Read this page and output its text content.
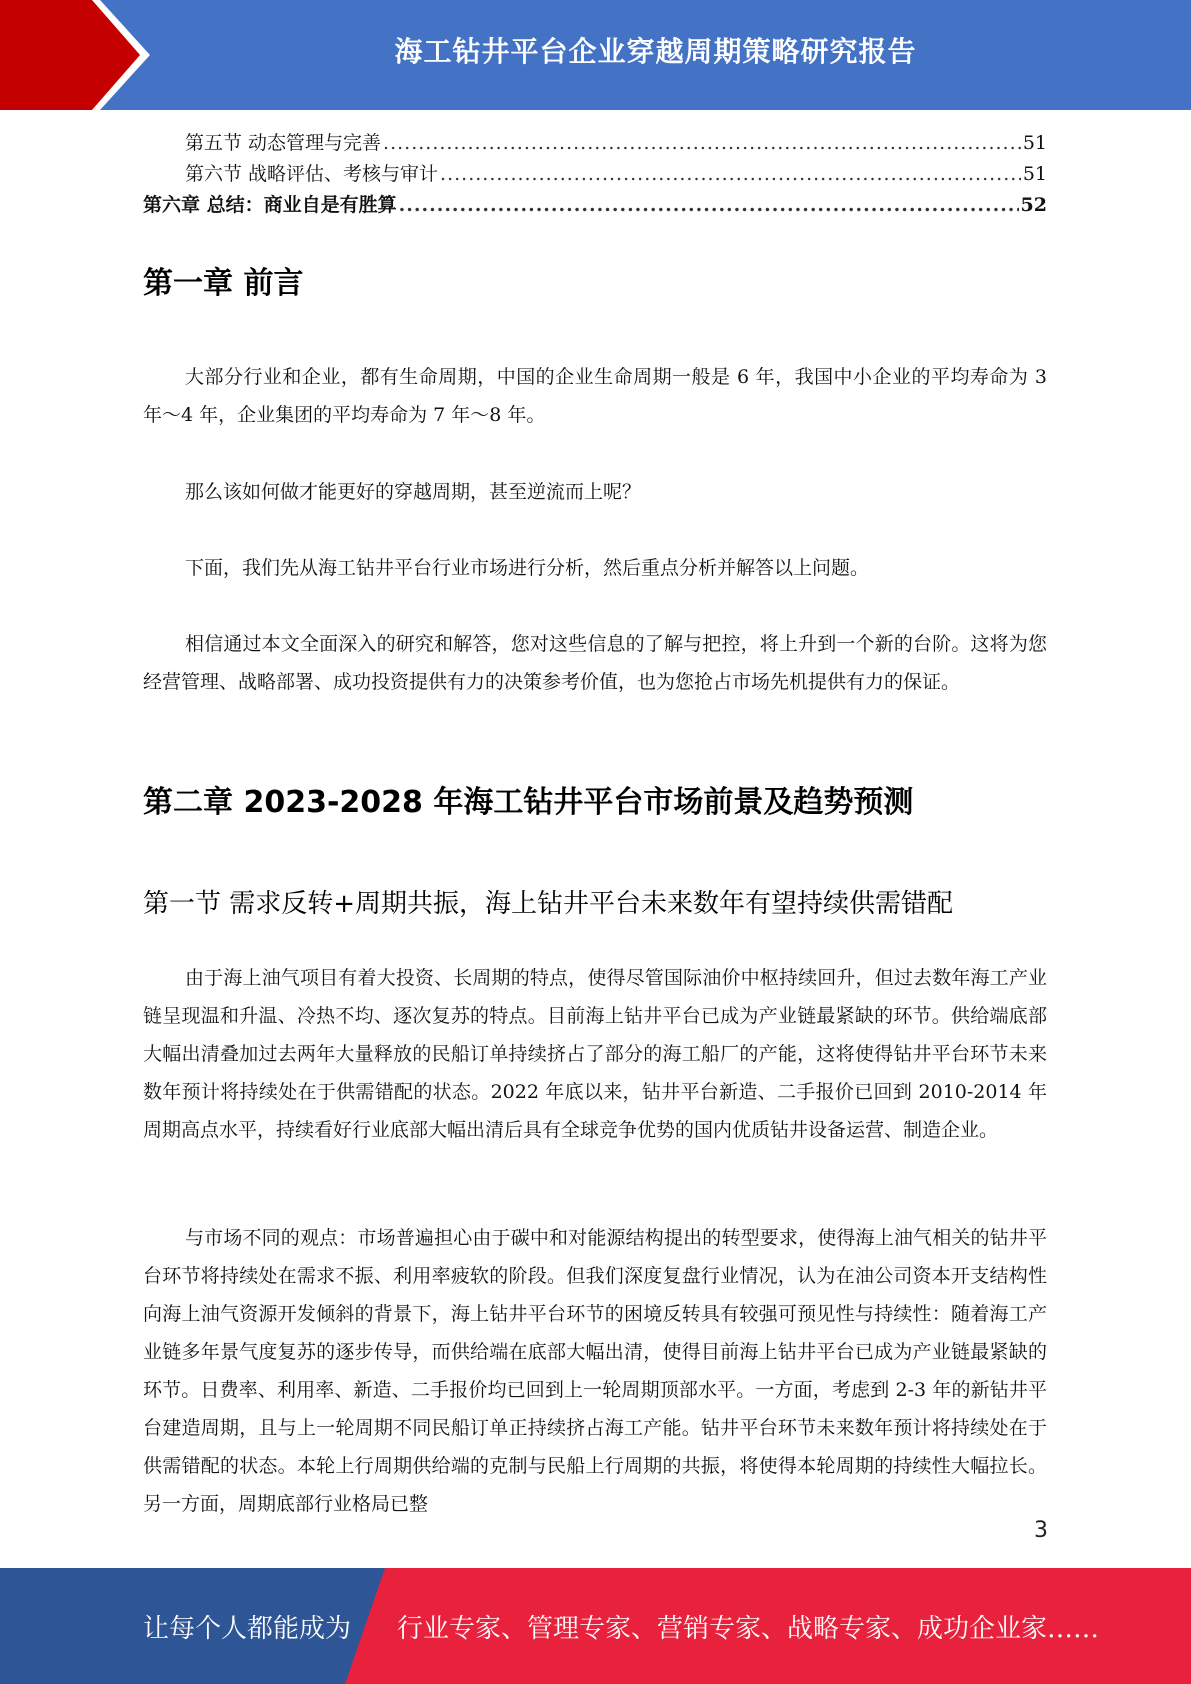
海工钻井平台企业穿越周期策略研究报告
第五节 动态管理与完善 .....	51
第六节 战略评估、考核与审计 .....	51
第六章 总结：商业自是有胜算 .....	52
第一章 前言

大部分行业和企业，都有生命周期，中国的企业生命周期一般是 6 年，我国中小企业的平均寿命为 3 年～4 年，企业集团的平均寿命为 7 年～8 年。

那么该如何做才能更好的穿越周期，甚至逆流而上呢？

下面，我们先从海工钻井平台行业市场进行分析，然后重点分析并解答以上问题。

相信通过本文全面深入的研究和解答，您对这些信息的了解与把控，将上升到一个新的台阶。这将为您经营管理、战略部署、成功投资提供有力的决策参考价值，也为您抢占市场先机提供有力的保证。

第二章 2023-2028 年海工钻井平台市场前景及趋势预测
第一节 需求反转+周期共振，海上钻井平台未来数年有望持续供需错配

由于海上油气项目有着大投资、长周期的特点，使得尽管国际油价中枢持续回升，但过去数年海工产业链呈现温和升温、冷热不均、逐次复苏的特点。目前海上钻井平台已成为产业链最紧缺的环节。供给端底部大幅出清叠加过去两年大量释放的民船订单持续挤占了部分的海工船厂的产能，这将使得钻井平台环节未来数年预计将持续处在于供需错配的状态。2022 年底以来，钻井平台新造、二手报价已回到 2010-2014 年周期高点水平，持续看好行业底部大幅出清后具有全球竞争优势的国内优质钻井设备运营、制造企业。

与市场不同的观点：市场普遍担心由于碳中和对能源结构提出的转型要求，使得海上油气相关的钻井平台环节将持续处在需求不振、利用率疲软的阶段。但我们深度复盘行业情况，认为在油公司资本开支结构性向海上油气资源开发倾斜的背景下，海上钻井平台环节的困境反转具有较强可预见性与持续性：随着海工产业链多年景气度复苏的逐步传导，而供给端在底部大幅出清，使得目前海上钻井平台已成为产业链最紧缺的环节。日费率、利用率、新造、二手报价均已回到上一轮周期顶部水平。一方面，考虑到 2-3 年的新钻井平台建造周期，且与上一轮周期不同民船订单正持续挤占海工产能。钻井平台环节未来数年预计将持续处在于供需错配的状态。本轮上行周期供给端的克制与民船上行周期的共振，将使得本轮周期的持续性大幅拉长。另一方面，周期底部行业格局已整

3
让每个人都能成为 行业专家、管理专家、营销专家、战略专家、成功企业家……
